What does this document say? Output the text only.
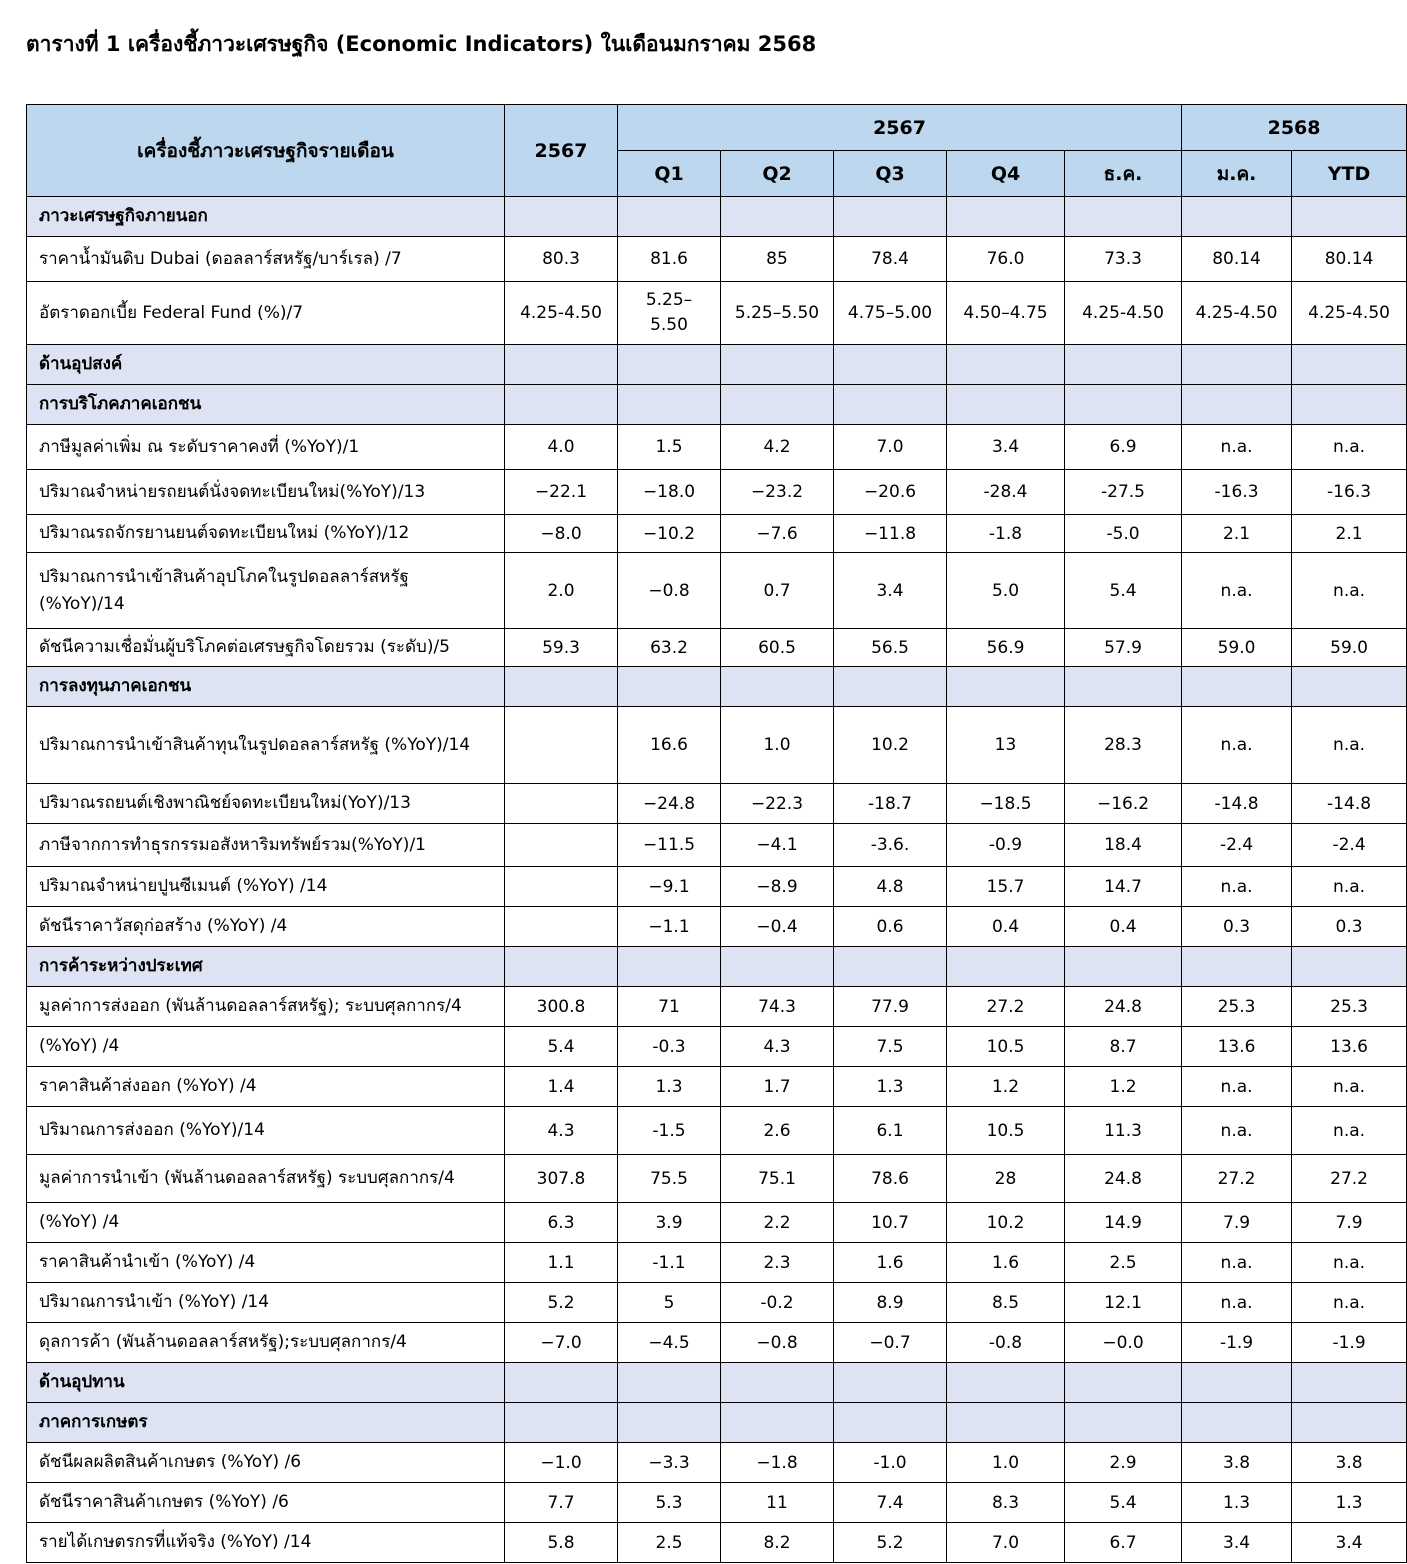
ตารางที่ 1 เครื่องชี้ภาวะเศรษฐกิจ (Economic Indicators) ในเดือนมกราคม 2568
เครื่องชี้ภาวะเศรษฐกิจรายเดือน	2567	2567					2568	
		Q1	Q2	Q3	Q4	ธ.ค.	ม.ค.	YTD
ภาวะเศรษฐกิจภายนอก								
ราคาน้ำมันดิบ Dubai (ดอลลาร์สหรัฐ/บาร์เรล) /7	80.3	81.6	85	78.4	76.0	73.3	80.14	80.14
อัตราดอกเบี้ย Federal Fund (%)/7	4.25-4.50	5.25–
5.50	5.25–5.50	4.75–5.00	4.50–4.75	4.25-4.50	4.25-4.50	4.25-4.50
ด้านอุปสงค์								
การบริโภคภาคเอกชน								
ภาษีมูลค่าเพิ่ม ณ ระดับราคาคงที่ (%YoY)/1	4.0	1.5	4.2	7.0	3.4	6.9	n.a.	n.a.
ปริมาณจำหน่ายรถยนต์นั่งจดทะเบียนใหม่(%YoY)/13	−22.1	−18.0	−23.2	−20.6	-28.4	-27.5	-16.3	-16.3
ปริมาณรถจักรยานยนต์จดทะเบียนใหม่ (%YoY)/12	−8.0	−10.2	−7.6	−11.8	-1.8	-5.0	2.1	2.1
ปริมาณการนำเข้าสินค้าอุปโภคในรูปดอลลาร์สหรัฐ (%YoY)/14	2.0	−0.8	0.7	3.4	5.0	5.4	n.a.	n.a.
ดัชนีความเชื่อมั่นผู้บริโภคต่อเศรษฐกิจโดยรวม (ระดับ)/5	59.3	63.2	60.5	56.5	56.9	57.9	59.0	59.0
การลงทุนภาคเอกชน								
ปริมาณการนำเข้าสินค้าทุนในรูปดอลลาร์สหรัฐ (%YoY)/14		16.6	1.0	10.2	13	28.3	n.a.	n.a.
ปริมาณรถยนต์เชิงพาณิชย์จดทะเบียนใหม่(YoY)/13		−24.8	−22.3	-18.7	−18.5	−16.2	-14.8	-14.8
ภาษีจากการทำธุรกรรมอสังหาริมทรัพย์รวม(%YoY)/1		−11.5	−4.1	-3.6.	-0.9	18.4	-2.4	-2.4
ปริมาณจำหน่ายปูนซีเมนต์ (%YoY) /14		−9.1	−8.9	4.8	15.7	14.7	n.a.	n.a.
ดัชนีราคาวัสดุก่อสร้าง (%YoY) /4		−1.1	−0.4	0.6	0.4	0.4	0.3	0.3
การค้าระหว่างประเทศ								
มูลค่าการส่งออก (พันล้านดอลลาร์สหรัฐ); ระบบศุลกากร/4	300.8	71	74.3	77.9	27.2	24.8	25.3	25.3
(%YoY) /4	5.4	-0.3	4.3	7.5	10.5	8.7	13.6	13.6
ราคาสินค้าส่งออก (%YoY) /4	1.4	1.3	1.7	1.3	1.2	1.2	n.a.	n.a.
ปริมาณการส่งออก (%YoY)/14	4.3	-1.5	2.6	6.1	10.5	11.3	n.a.	n.a.
มูลค่าการนำเข้า (พันล้านดอลลาร์สหรัฐ) ระบบศุลกากร/4	307.8	75.5	75.1	78.6	28	24.8	27.2	27.2
(%YoY) /4	6.3	3.9	2.2	10.7	10.2	14.9	7.9	7.9
ราคาสินค้านำเข้า (%YoY) /4	1.1	-1.1	2.3	1.6	1.6	2.5	n.a.	n.a.
ปริมาณการนำเข้า (%YoY) /14	5.2	5	-0.2	8.9	8.5	12.1	n.a.	n.a.
ดุลการค้า (พันล้านดอลลาร์สหรัฐ);ระบบศุลกากร/4	−7.0	−4.5	−0.8	−0.7	-0.8	−0.0	-1.9	-1.9
ด้านอุปทาน								
ภาคการเกษตร								
ดัชนีผลผลิตสินค้าเกษตร (%YoY) /6	−1.0	−3.3	−1.8	-1.0	1.0	2.9	3.8	3.8
ดัชนีราคาสินค้าเกษตร (%YoY) /6	7.7	5.3	11	7.4	8.3	5.4	1.3	1.3
รายได้เกษตรกรที่แท้จริง (%YoY) /14	5.8	2.5	8.2	5.2	7.0	6.7	3.4	3.4
